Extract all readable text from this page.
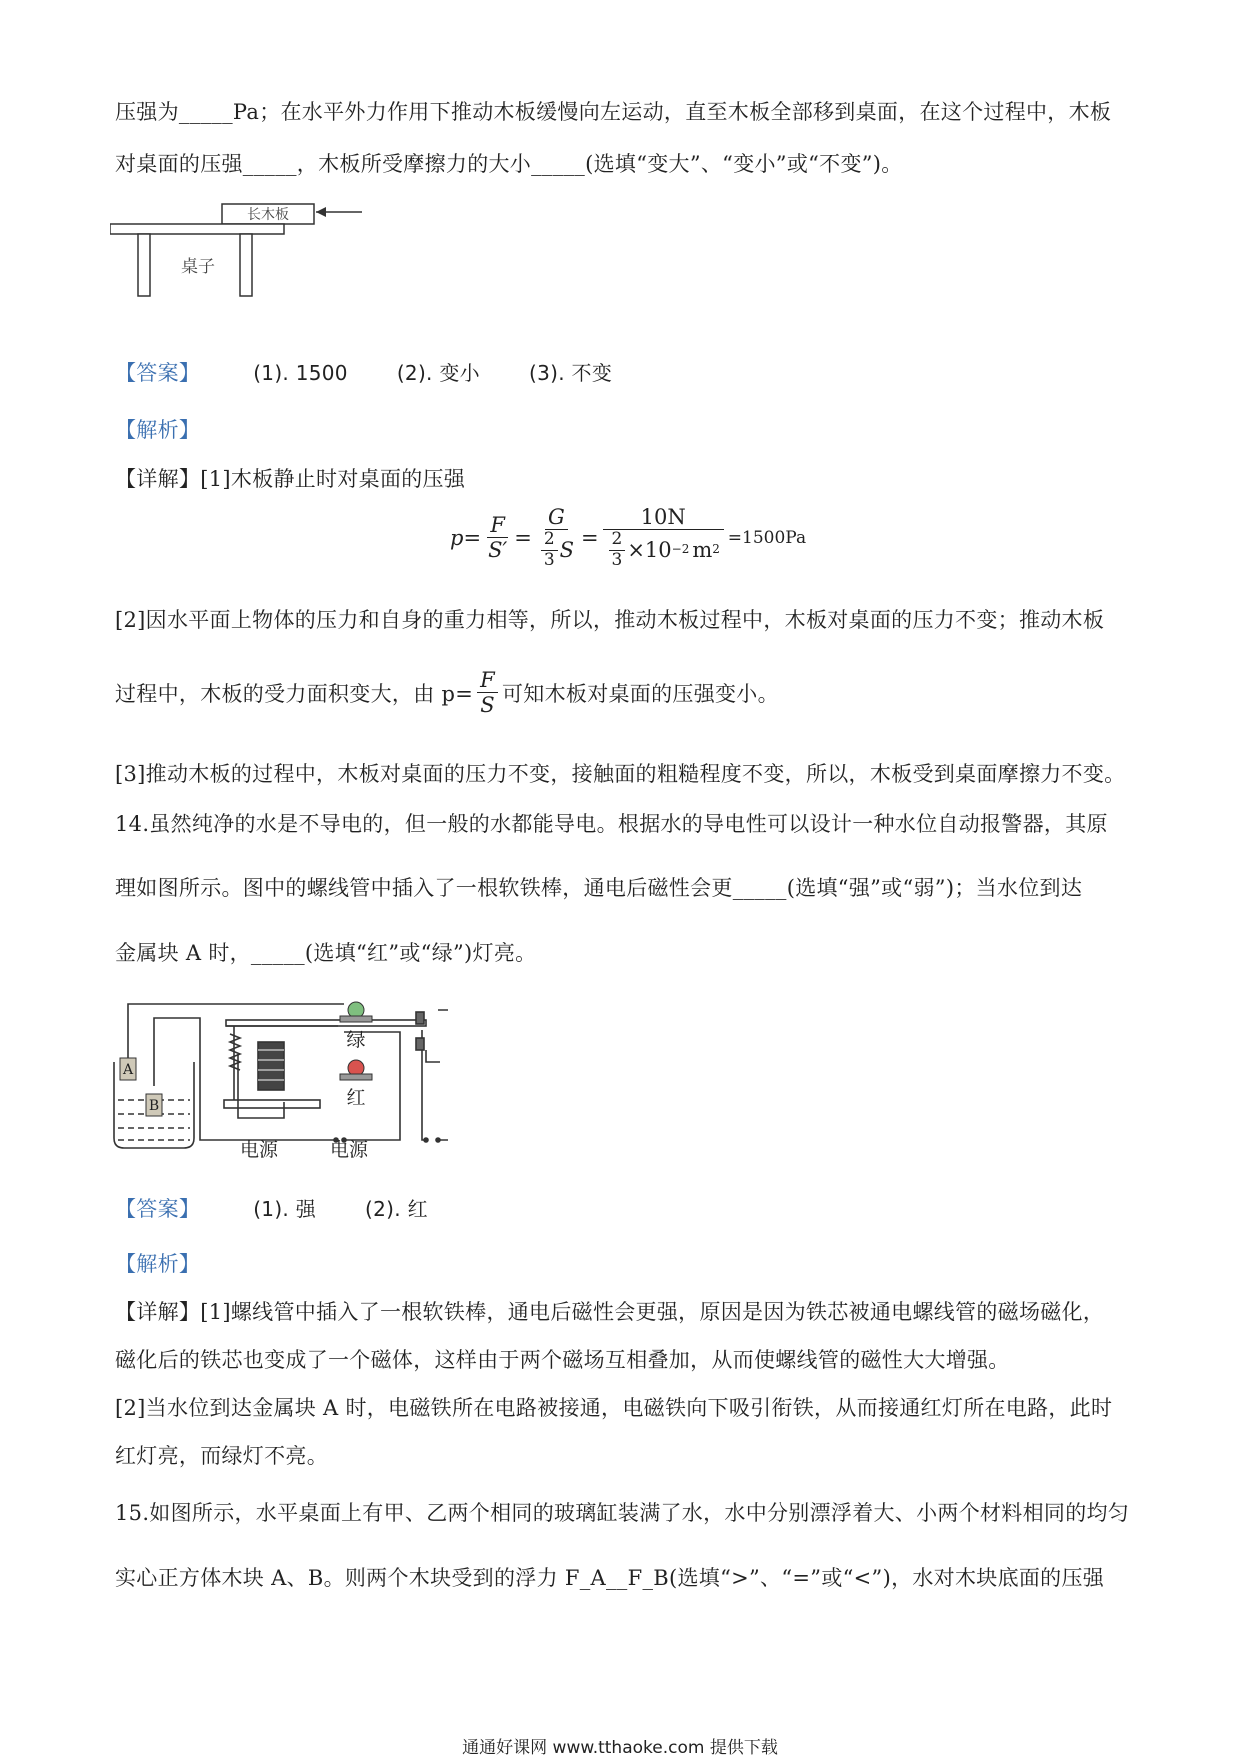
压强为_____Pa；在水平外力作用下推动木板缓慢向左运动，直至木板全部移到桌面，在这个过程中，木板
对桌面的压强_____，木板所受摩擦力的大小_____(选填“变大”、“变小”或“不变”)。
长木板
桌子
【答案】	(1). 1500 (2). 变小 (3). 不变
【解析】
【详解】[1]木板静止时对桌面的压强
$p = \frac{F}{S'} = \frac{G}{\frac{2}{3} S} = \frac{10N}{\frac{2}{3} \times 10 -2 m 2} =1500Pa$
[2]因水平面上物体的压力和自身的重力相等，所以，推动木板过程中，木板对桌面的压力不变；推动木板
过程中，木板的受力面积变大，由 $p= \frac{F}{S}$ 可知木板对桌面的压强变小。
[3]推动木板的过程中，木板对桌面的压力不变，接触面的粗糙程度不变，所以，木板受到桌面摩擦力不变。
14.虽然纯净的水是不导电的，但一般的水都能导电。根据水的导电性可以设计一种水位自动报警器，其原
理如图所示。图中的螺线管中插入了一根软铁棒，通电后磁性会更_____(选填“强”或“弱”)；当水位到达
金属块 A 时，_____(选填“红”或“绿”)灯亮。
A
B
绿
红
电源	电源
【答案】	(1). 强 (2). 红
【解析】
【详解】[1]螺线管中插入了一根软铁棒，通电后磁性会更强，原因是因为铁芯被通电螺线管的磁场磁化，
磁化后的铁芯也变成了一个磁体，这样由于两个磁场互相叠加，从而使螺线管的磁性大大增强。
[2]当水位到达金属块 A 时，电磁铁所在电路被接通，电磁铁向下吸引衔铁，从而接通红灯所在电路，此时
红灯亮，而绿灯不亮。
15.如图所示，水平桌面上有甲、乙两个相同的玻璃缸装满了水，水中分别漂浮着大、小两个材料相同的均匀
实心正方体木块 A、B。则两个木块受到的浮力 F_A__F_B(选填“>”、“=”或“<”)，水对木块底面的压强
通通好课网 www.tthaoke.com 提供下载
